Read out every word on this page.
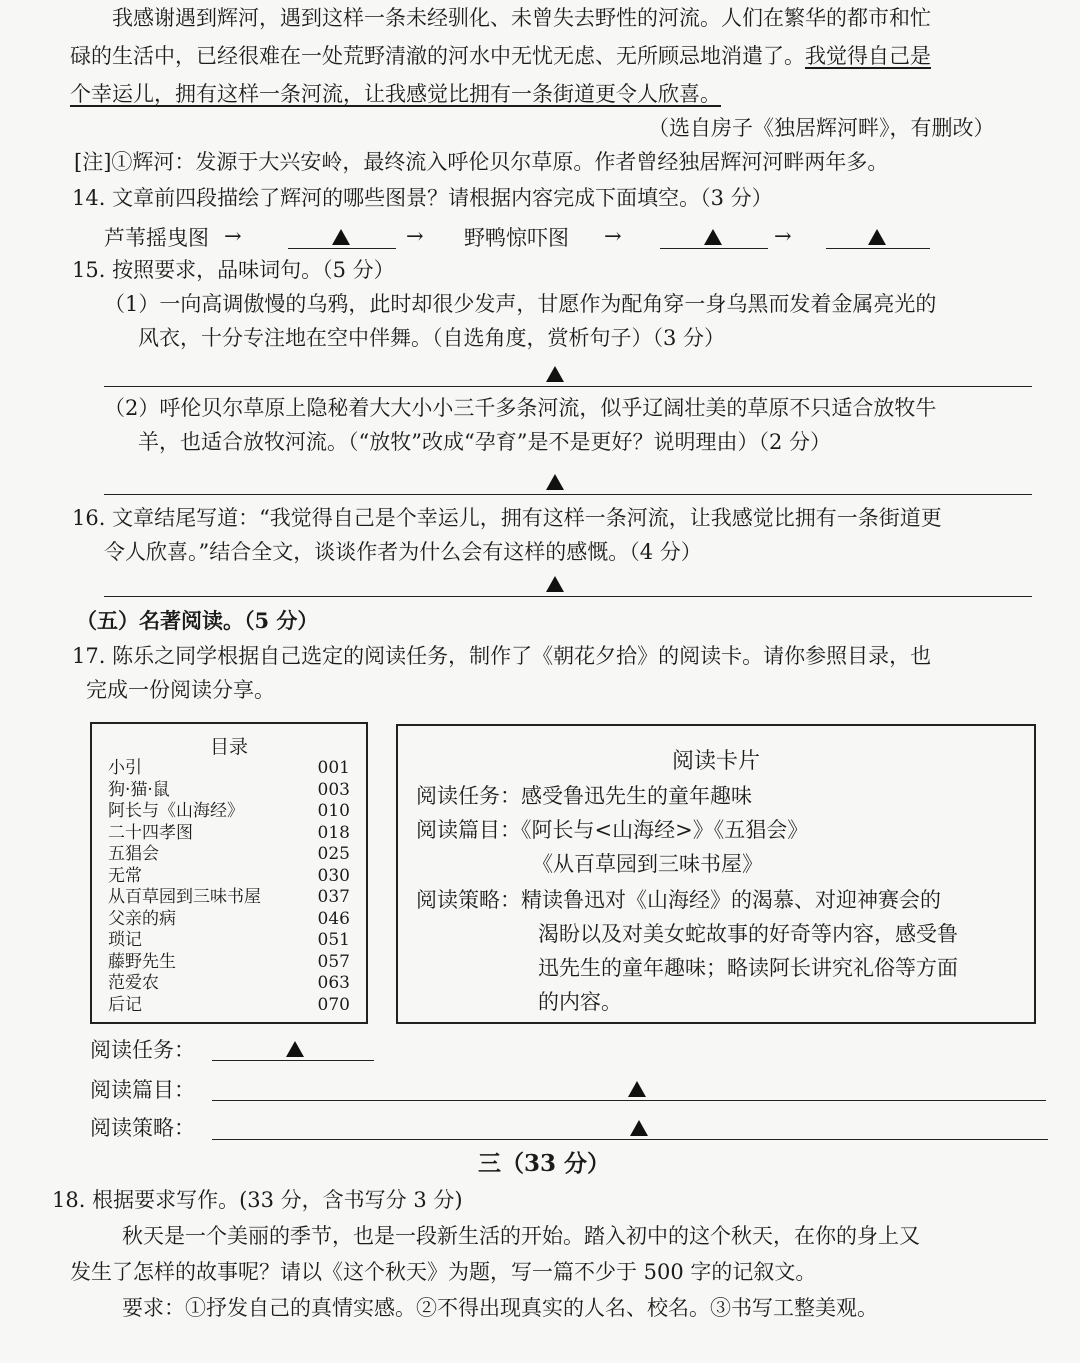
我感谢遇到辉河，遇到这样一条未经驯化、未曾失去野性的河流。人们在繁华的都市和忙
碌的生活中，已经很难在一处荒野清澈的河水中无忧无虑、无所顾忌地消遣了。我觉得自己是
个幸运儿，拥有这样一条河流，让我感觉比拥有一条街道更令人欣喜。
（选自房子《独居辉河畔》，有删改）
[注]①辉河：发源于大兴安岭，最终流入呼伦贝尔草原。作者曾经独居辉河河畔两年多。
14. 文章前四段描绘了辉河的哪些图景？请根据内容完成下面填空。（3 分）
芦苇摇曳图 →	→ 野鸭惊吓图 →	→
15. 按照要求，品味词句。（5 分）
（1）一向高调傲慢的乌鸦，此时却很少发声，甘愿作为配角穿一身乌黑而发着金属亮光的
风衣，十分专注地在空中伴舞。（自选角度，赏析句子）（3 分）
（2）呼伦贝尔草原上隐秘着大大小小三千多条河流，似乎辽阔壮美的草原不只适合放牧牛
羊，也适合放牧河流。（“放牧”改成“孕育”是不是更好？说明理由）（2 分）
16. 文章结尾写道：“我觉得自己是个幸运儿，拥有这样一条河流，让我感觉比拥有一条街道更
令人欣喜。”结合全文，谈谈作者为什么会有这样的感慨。（4 分）
（五）名著阅读。（5 分）
17. 陈乐之同学根据自己选定的阅读任务，制作了《朝花夕拾》的阅读卡。请你参照目录，也
完成一份阅读分享。
目录
小引	001
狗·猫·鼠	003
阿长与《山海经》	010
二十四孝图	018
五猖会	025
无常	030
从百草园到三味书屋	037
父亲的病	046
琐记	051
藤野先生	057
范爱农	063
后记	070
阅读卡片
阅读任务：感受鲁迅先生的童年趣味
阅读篇目：《阿长与<山海经>》《五猖会》
《从百草园到三味书屋》
阅读策略：精读鲁迅对《山海经》的渴慕、对迎神赛会的
渴盼以及对美女蛇故事的好奇等内容，感受鲁
迅先生的童年趣味；略读阿长讲究礼俗等方面
的内容。
阅读任务：
阅读篇目：
阅读策略：
三（33 分）
18. 根据要求写作。(33 分，含书写分 3 分)
秋天是一个美丽的季节，也是一段新生活的开始。踏入初中的这个秋天，在你的身上又
发生了怎样的故事呢？请以《这个秋天》为题，写一篇不少于 500 字的记叙文。
要求：①抒发自己的真情实感。②不得出现真实的人名、校名。③书写工整美观。
